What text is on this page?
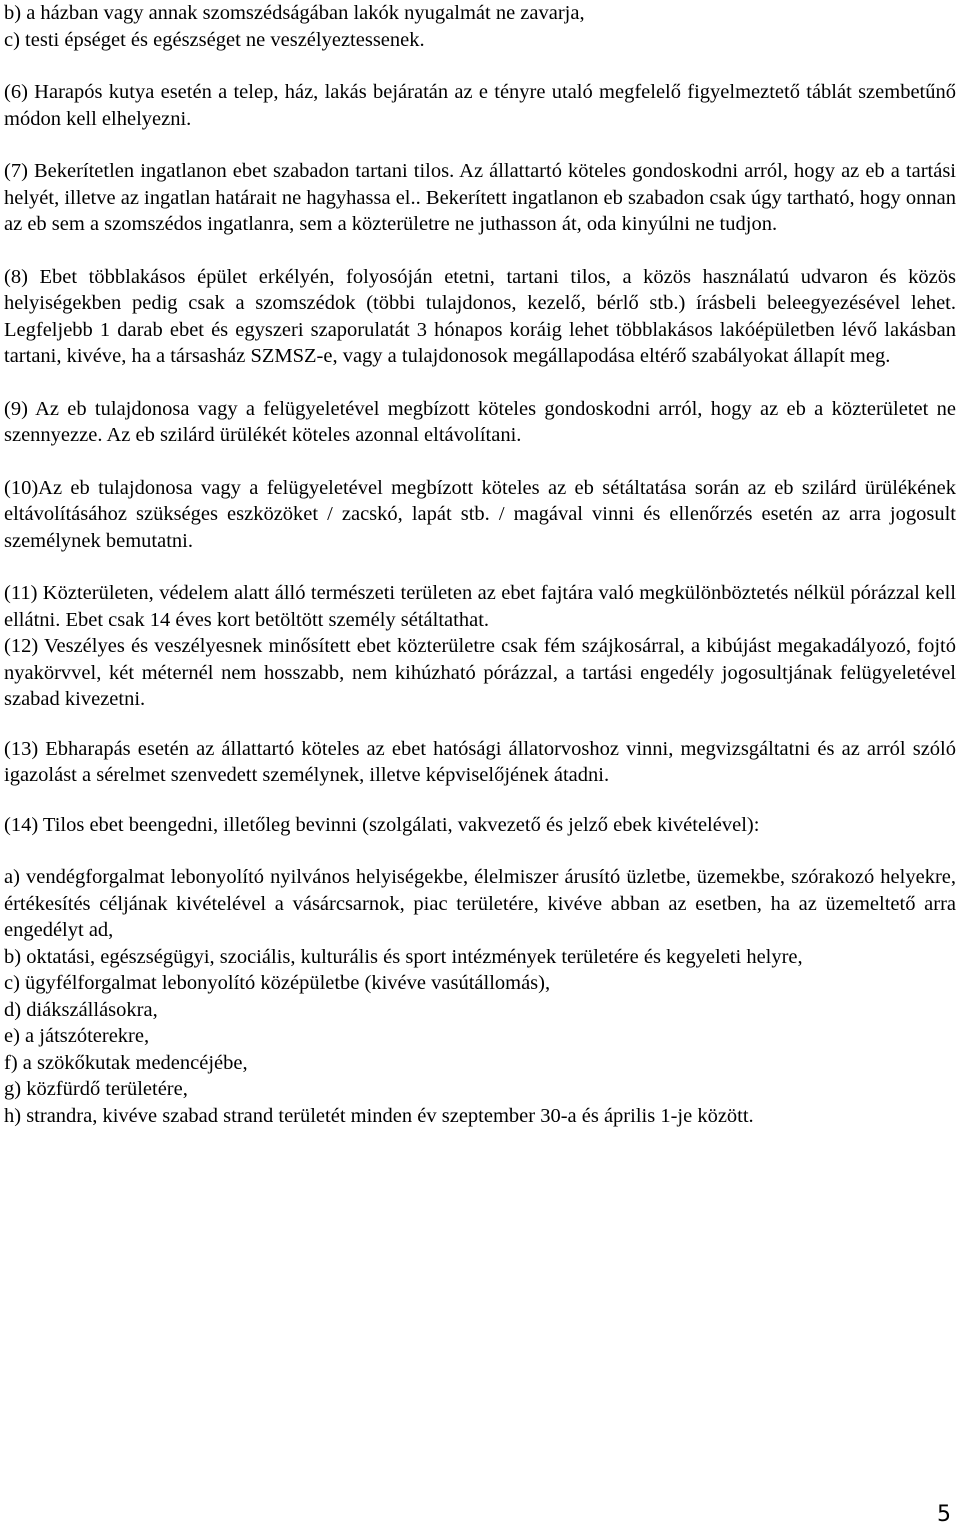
b) a házban vagy annak szomszédságában lakók nyugalmát ne zavarja,

c) testi épséget és egészséget ne veszélyeztessenek.

(6) Harapós kutya esetén a telep, ház, lakás bejáratán az e tényre utaló megfelelő figyelmeztető táblát szembetűnő módon kell elhelyezni.

(7) Bekerítetlen ingatlanon ebet szabadon tartani tilos. Az állattartó köteles gondoskodni arról, hogy az eb a tartási helyét, illetve az ingatlan határait ne hagyhassa el.. Bekerített ingatlanon eb szabadon csak úgy tartható, hogy onnan az eb sem a szomszédos ingatlanra, sem a közterületre ne juthasson át, oda kinyúlni ne tudjon.

(8) Ebet többlakásos épület erkélyén, folyosóján etetni, tartani tilos, a közös használatú udvaron és közös helyiségekben pedig csak a szomszédok (többi tulajdonos, kezelő, bérlő stb.) írásbeli beleegyezésével lehet. Legfeljebb 1 darab ebet és egyszeri szaporulatát 3 hónapos koráig lehet többlakásos lakóépületben lévő lakásban tartani, kivéve, ha a társasház SZMSZ-e, vagy a tulajdonosok megállapodása eltérő szabályokat állapít meg.

(9) Az eb tulajdonosa vagy a felügyeletével megbízott köteles gondoskodni arról, hogy az eb a közterületet ne szennyezze. Az eb szilárd ürülékét köteles azonnal eltávolítani.

(10)Az eb tulajdonosa vagy a felügyeletével megbízott köteles az eb sétáltatása során az eb szilárd ürülékének eltávolításához szükséges eszközöket / zacskó, lapát stb. / magával vinni és ellenőrzés esetén az arra jogosult személynek bemutatni.

(11) Közterületen, védelem alatt álló természeti területen az ebet fajtára való megkülönböztetés nélkül pórázzal kell ellátni. Ebet csak 14 éves kort betöltött személy sétáltathat.

(12) Veszélyes és veszélyesnek minősített ebet közterületre csak fém szájkosárral, a kibújást megakadályozó, fojtó nyakörvvel, két méternél nem hosszabb, nem kihúzható pórázzal, a tartási engedély jogosultjának felügyeletével szabad kivezetni.

(13) Ebharapás esetén az állattartó köteles az ebet hatósági állatorvoshoz vinni, megvizsgáltatni és az arról szóló igazolást a sérelmet szenvedett személynek, illetve képviselőjének átadni.

(14) Tilos ebet beengedni, illetőleg bevinni (szolgálati, vakvezető és jelző ebek kivételével):

a) vendégforgalmat lebonyolító nyilvános helyiségekbe, élelmiszer árusító üzletbe, üzemekbe, szórakozó helyekre, értékesítés céljának kivételével a vásárcsarnok, piac területére, kivéve abban az esetben, ha az üzemeltető arra engedélyt ad,

b) oktatási, egészségügyi, szociális, kulturális és sport intézmények területére és kegyeleti helyre,

c) ügyfélforgalmat lebonyolító középületbe (kivéve vasútállomás),

d) diákszállásokra,

e) a játszóterekre,

f) a szökőkutak medencéjébe,

g) közfürdő területére,

h) strandra, kivéve szabad strand területét minden év szeptember 30-a és április 1-je között.

5
